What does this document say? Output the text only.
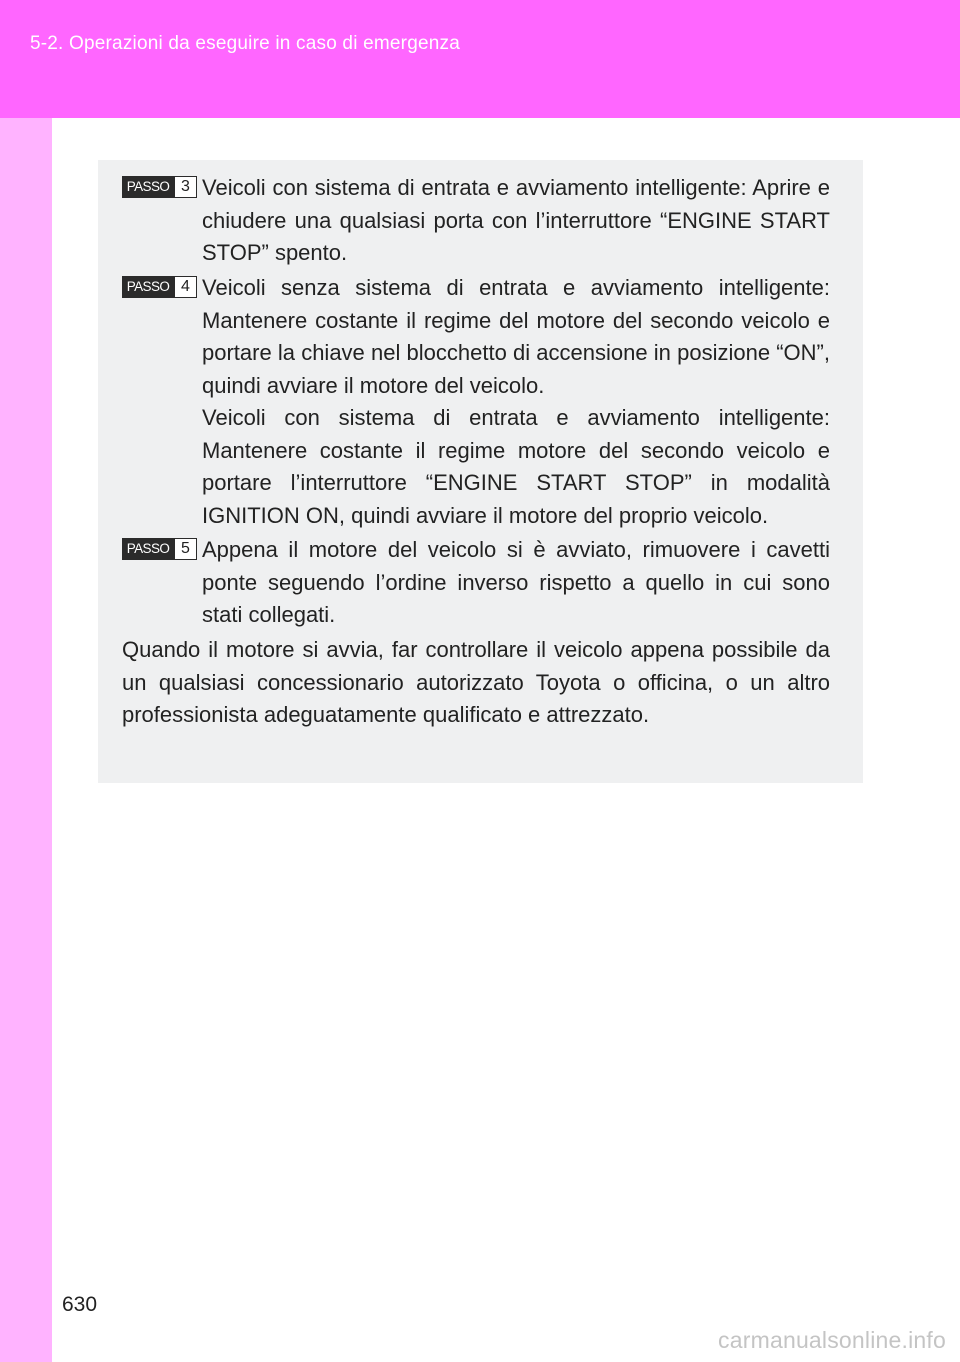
5-2. Operazioni da eseguire in caso di emergenza
PASSO 3 Veicoli con sistema di entrata e avviamento intelligente: Aprire e chiudere una qualsiasi porta con l’interruttore “ENGINE START STOP” spento.

PASSO 4 Veicoli senza sistema di entrata e avviamento intelligente: Mantenere costante il regime del motore del secondo veicolo e portare la chiave nel blocchetto di accensione in posizione “ON”, quindi avviare il motore del veicolo.

Veicoli con sistema di entrata e avviamento intelligente: Mantenere costante il regime motore del secondo veicolo e portare l’interruttore “ENGINE START STOP” in modalità IGNITION ON, quindi avviare il motore del proprio veicolo.

PASSO 5 Appena il motore del veicolo si è avviato, rimuovere i cavetti ponte seguendo l’ordine inverso rispetto a quello in cui sono stati collegati.

Quando il motore si avvia, far controllare il veicolo appena possibile da un qualsiasi concessionario autorizzato Toyota o officina, o un altro professionista adeguatamente qualificato e attrezzato.

630
carmanualsonline.info
